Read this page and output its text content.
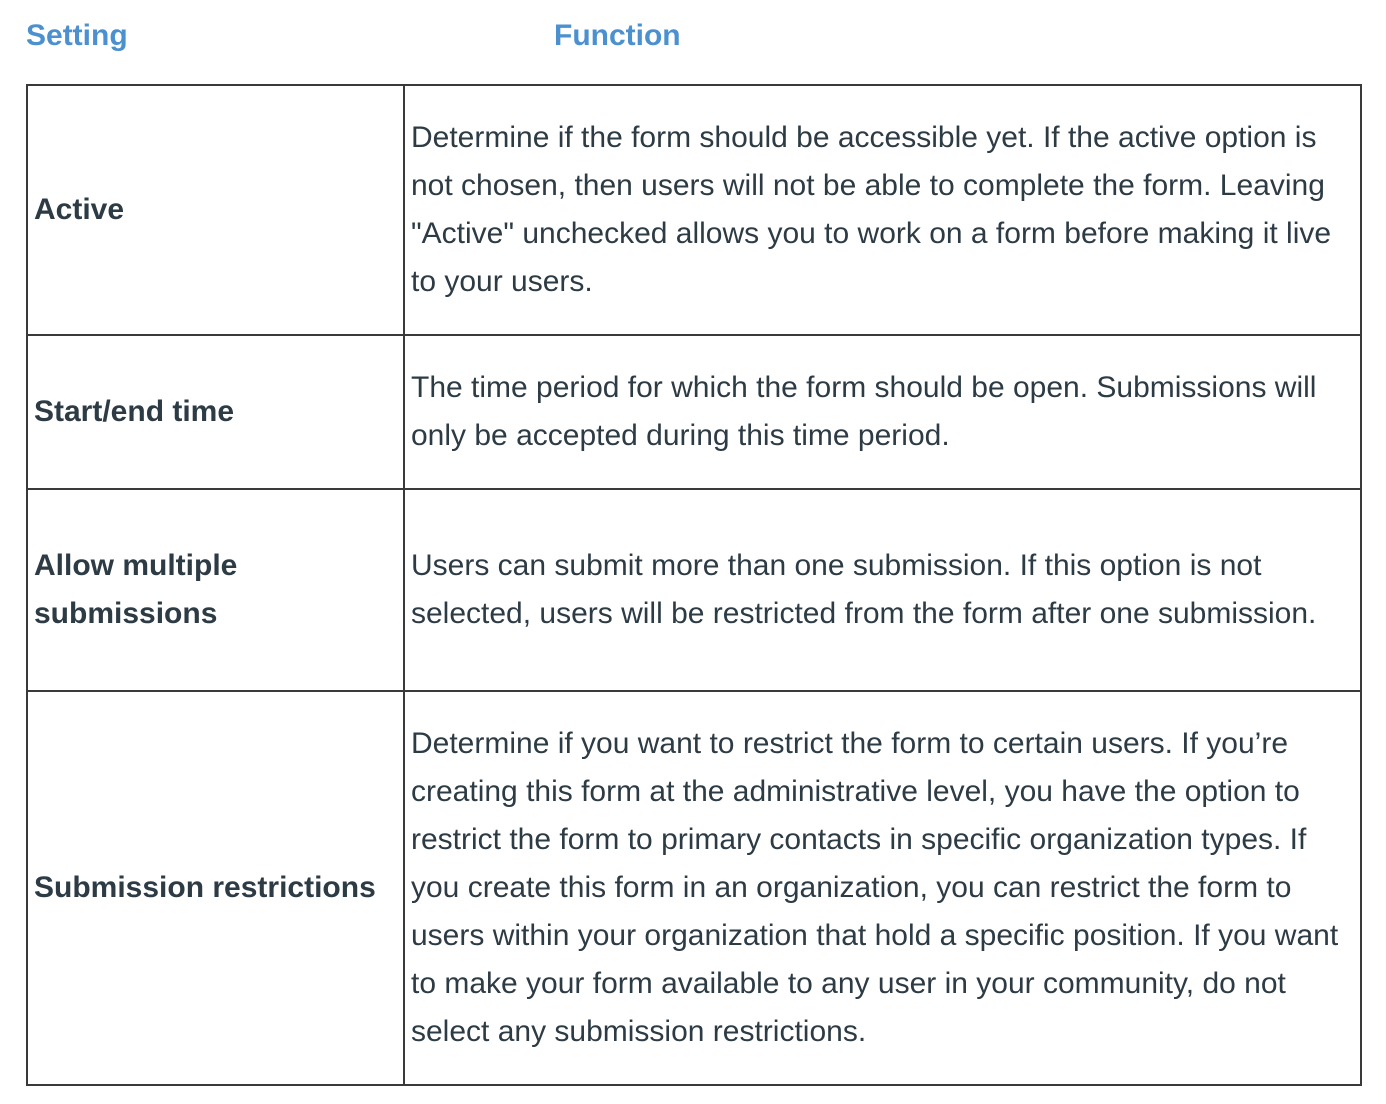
Setting	Function
Active	Determine if the form should be accessible yet. If the active option is not chosen, then users will not be able to complete the form. Leaving "Active" unchecked allows you to work on a form before making it live to your users.
Start/end time	The time period for which the form should be open. Submissions will only be accepted during this time period.
Allow multiple submissions	Users can submit more than one submission. If this option is not selected, users will be restricted from the form after one submission.
Submission restrictions	Determine if you want to restrict the form to certain users. If you’re creating this form at the administrative level, you have the option to restrict the form to primary contacts in specific organization types. If you create this form in an organization, you can restrict the form to users within your organization that hold a specific position. If you want to make your form available to any user in your community, do not select any submission restrictions.
